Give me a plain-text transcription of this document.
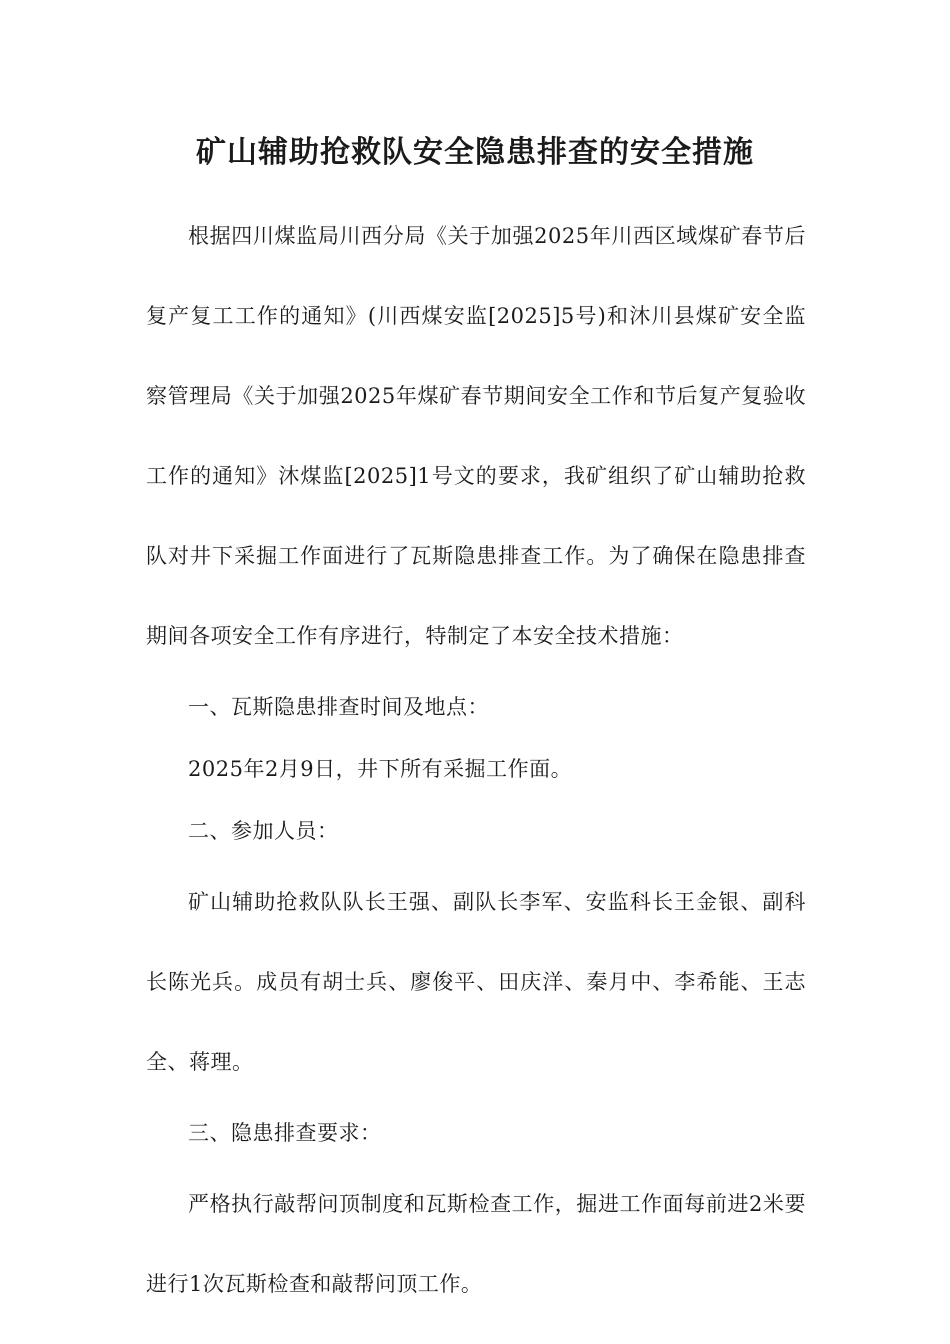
矿山辅助抢救队安全隐患排查的安全措施

根据四川煤监局川西分局《关于加强2025年川西区域煤矿春节后复产复工工作的通知》(川西煤安监[2025]5号)和沐川县煤矿安全监察管理局《关于加强2025年煤矿春节期间安全工作和节后复产复验收工作的通知》沐煤监[2025]1号文的要求，我矿组织了矿山辅助抢救队对井下采掘工作面进行了瓦斯隐患排查工作。为了确保在隐患排查期间各项安全工作有序进行，特制定了本安全技术措施：

一、瓦斯隐患排查时间及地点：

2025年2月9日，井下所有采掘工作面。

二、参加人员：

矿山辅助抢救队队长王强、副队长李军、安监科长王金银、副科长陈光兵。成员有胡士兵、廖俊平、田庆洋、秦月中、李希能、王志全、蒋理。

三、隐患排查要求：

严格执行敲帮问顶制度和瓦斯检查工作，掘进工作面每前进2米要进行1次瓦斯检查和敲帮问顶工作。
